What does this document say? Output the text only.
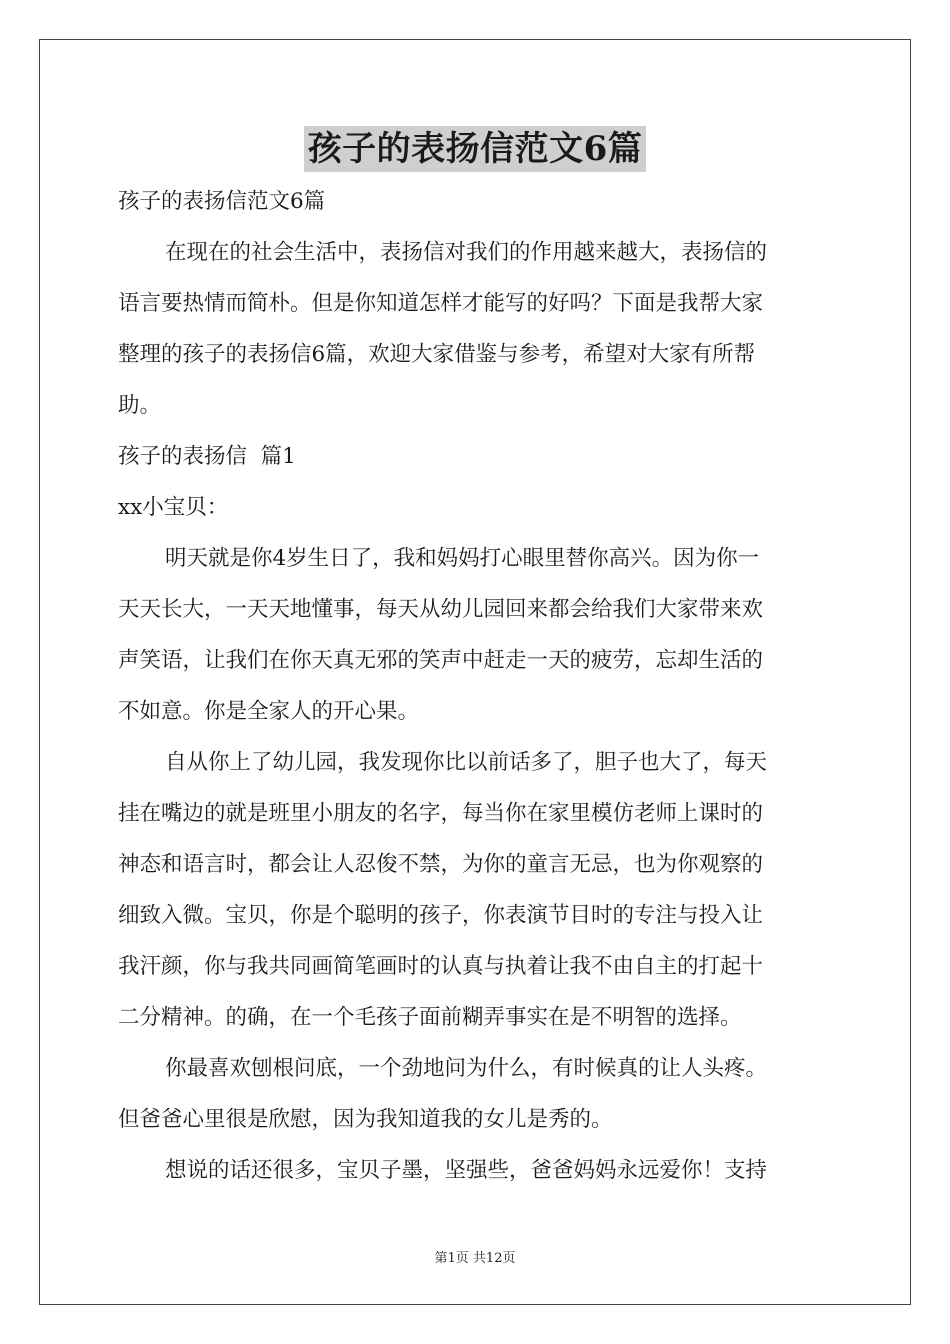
孩子的表扬信范文6篇
孩子的表扬信范文6篇
在现在的社会生活中，表扬信对我们的作用越来越大，表扬信的
语言要热情而简朴。但是你知道怎样才能写的好吗？下面是我帮大家
整理的孩子的表扬信6篇，欢迎大家借鉴与参考，希望对大家有所帮
助。
孩子的表扬信  篇1
xx小宝贝：
明天就是你4岁生日了，我和妈妈打心眼里替你高兴。因为你一
天天长大，一天天地懂事，每天从幼儿园回来都会给我们大家带来欢
声笑语，让我们在你天真无邪的笑声中赶走一天的疲劳，忘却生活的
不如意。你是全家人的开心果。
自从你上了幼儿园，我发现你比以前话多了，胆子也大了，每天
挂在嘴边的就是班里小朋友的名字，每当你在家里模仿老师上课时的
神态和语言时，都会让人忍俊不禁，为你的童言无忌，也为你观察的
细致入微。宝贝，你是个聪明的孩子，你表演节目时的专注与投入让
我汗颜，你与我共同画简笔画时的认真与执着让我不由自主的打起十
二分精神。的确，在一个毛孩子面前糊弄事实在是不明智的选择。
你最喜欢刨根问底，一个劲地问为什么，有时候真的让人头疼。
但爸爸心里很是欣慰，因为我知道我的女儿是秀的。
想说的话还很多，宝贝子墨，坚强些，爸爸妈妈永远爱你！支持
第1页 共12页
